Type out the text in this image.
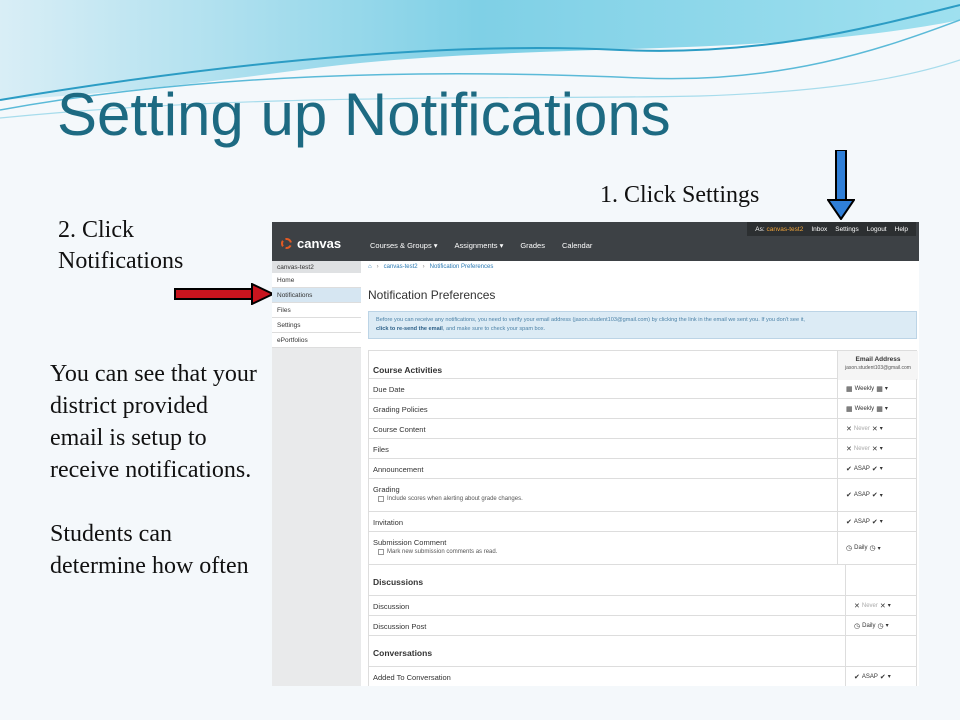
Setting up Notifications
1. Click Settings
2. Click Notifications

You can see that your district provided email is setup to receive notifications.

Students can determine how often

canvas	Courses & Groups ▾ Assignments ▾ Grades Calendar
As: canvas-test2 Inbox Settings Logout Help
canvas-test2
Home
Notifications
Files
Settings
ePortfolios
⌂ › canvas-test2 › Notification Preferences
Notification Preferences
Before you can receive any notifications, you need to verify your email address (jason.student103@gmail.com) by clicking the link in the email we sent you. If you don't see it,
click to re-send the email, and make sure to check your spam box.
Email Address
jason.student103@gmail.com
Course Activities
Due Date	▦ Weekly ▦ ▾
Grading Policies	▦ Weekly ▦ ▾
Course Content	✕ Never ✕ ▾
Files	✕ Never ✕ ▾
Announcement	✔ ASAP ✔ ▾
Grading
Include scores when alerting about grade changes.	✔ ASAP ✔ ▾
Invitation	✔ ASAP ✔ ▾
Submission Comment
Mark new submission comments as read.	◷ Daily ◷ ▾
Discussions
Discussion	✕ Never ✕ ▾
Discussion Post	◷ Daily ◷ ▾
Conversations
Added To Conversation	✔ ASAP ✔ ▾
